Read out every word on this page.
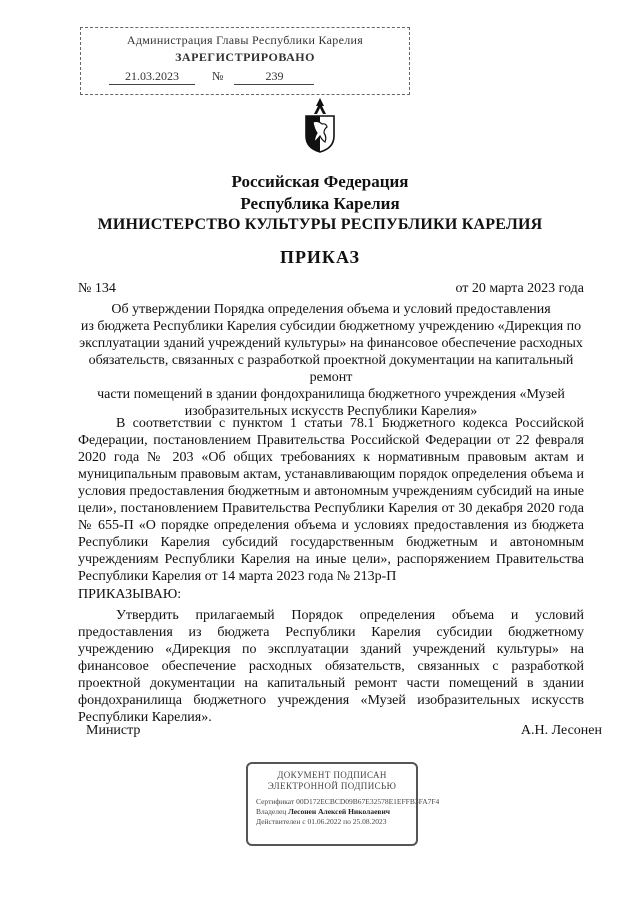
Администрация Главы Республики Карелия
ЗАРЕГИСТРИРОВАНО
21.03.2023	№	239
Российская Федерация
Республика Карелия
МИНИСТЕРСТВО КУЛЬТУРЫ РЕСПУБЛИКИ КАРЕЛИЯ
ПРИКАЗ
№ 134	от 20 марта 2023 года
Об утверждении Порядка определения объема и условий предоставления
из бюджета Республики Карелия субсидии бюджетному учреждению «Дирекция по
эксплуатации зданий учреждений культуры» на финансовое обеспечение расходных
обязательств, связанных с разработкой проектной документации на капитальный ремонт
части помещений в здании фондохранилища бюджетного учреждения «Музей
изобразительных искусств Республики Карелия»
В соответствии с пунктом 1 статьи 78.1 Бюджетного кодекса Российской Федерации, постановлением Правительства Российской Федерации от 22 февраля 2020 года № 203 «Об общих требованиях к нормативным правовым актам и муниципальным правовым актам, устанавливающим порядок определения объема и условия предоставления бюджетным и автономным учреждениям субсидий на иные цели», постановлением Правительства Республики Карелия от 30 декабря 2020 года № 655-П «О порядке определения объема и условиях предоставления из бюджета Республики Карелия субсидий государственным бюджетным и автономным учреждениям Республики Карелия на иные цели», распоряжением Правительства Республики Карелия от 14 марта 2023 года № 213р-П
ПРИКАЗЫВАЮ:
Утвердить прилагаемый Порядок определения объема и условий предоставления из бюджета Республики Карелия субсидии бюджетному учреждению «Дирекция по эксплуатации зданий учреждений культуры» на финансовое обеспечение расходных обязательств, связанных с разработкой проектной документации на капитальный ремонт части помещений в здании фондохранилища бюджетного учреждения «Музей изобразительных искусств Республики Карелия».
Министр	А.Н. Лесонен
ДОКУМЕНТ ПОДПИСАН
ЭЛЕКТРОННОЙ ПОДПИСЬЮ
Сертификат 00D172ECBCD09B67E32578E1EFFB3FA7F4
Владелец Лесонен Алексей Николаевич
Действителен с 01.06.2022 по 25.08.2023
